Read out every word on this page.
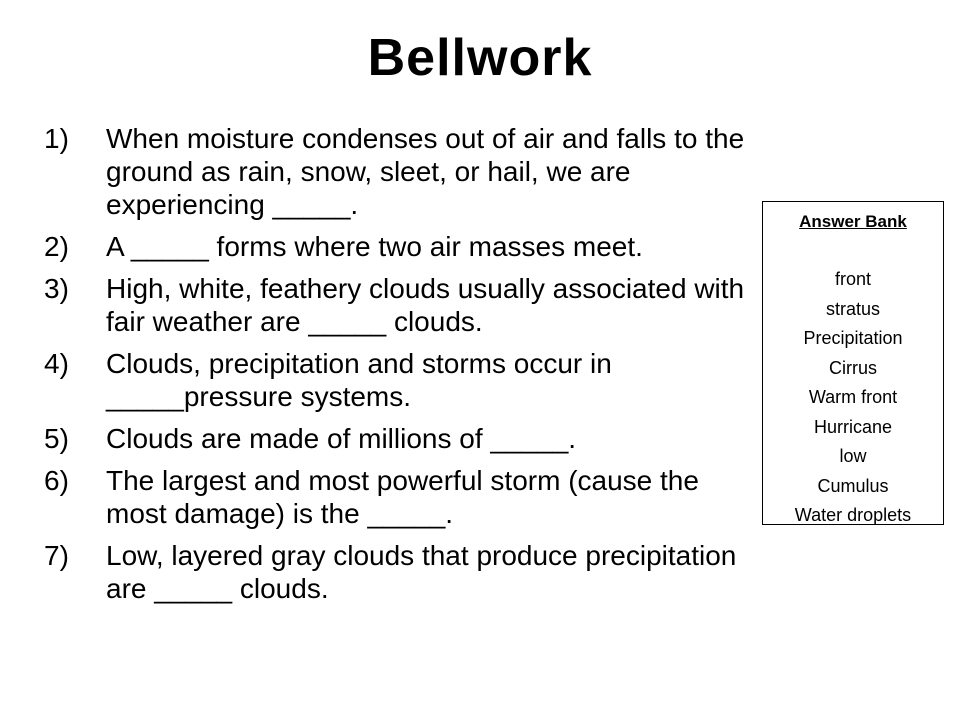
Bellwork
1)	When moisture condenses out of air and falls to the ground as rain, snow, sleet, or hail, we are experiencing _____.
2)	A _____ forms where two air masses meet.
3)	High, white, feathery clouds usually associated with fair weather are _____ clouds.
4)	Clouds, precipitation and storms occur in _____pressure systems.
5)	Clouds are made of millions of _____.
6)	The largest and most powerful storm (cause the most damage) is the _____.
7)	Low, layered gray clouds that produce precipitation are _____ clouds.
Answer Bank
front
stratus
Precipitation
Cirrus
Warm front
Hurricane
low
Cumulus
Water droplets
